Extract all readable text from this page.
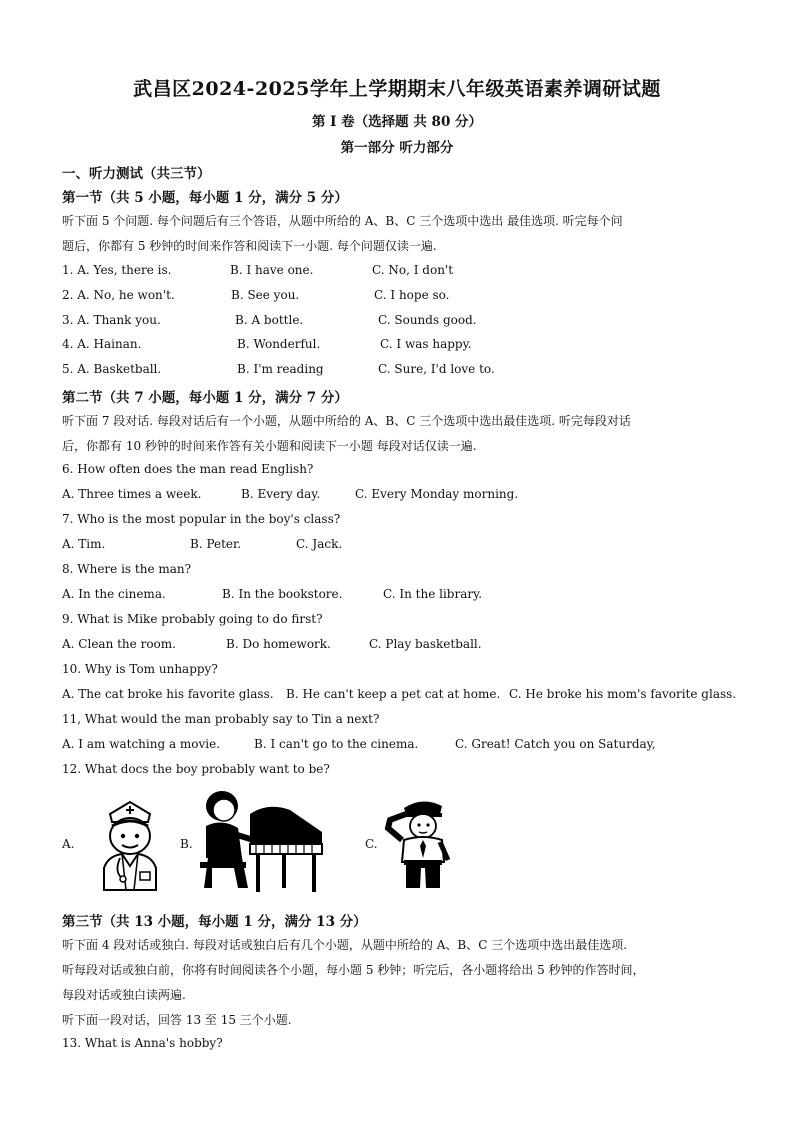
武昌区2024-2025学年上学期期末八年级英语素养调研试题
第 I 卷（选择题 共 80 分）
第一部分 听力部分
一、听力测试（共三节）
第一节（共 5 小题，每小题 1 分，满分 5 分）
听下面 5 个问题. 每个问题后有三个答语，从题中所给的 A、B、C 三个选项中选出 最佳选项. 听完每个问
题后，你都有 5 秒钟的时间来作答和阅读下一小题. 每个问题仅读一遍.
1. A. Yes, there is.	B. I have one.	C. No, I don't
2. A. No, he won't.	B. See you.	C. I hope so.
3. A. Thank you.	B. A bottle.	C. Sounds good.
4. A. Hainan.	B. Wonderful.	C. I was happy.
5. A. Basketball.	B. I'm reading	C. Sure, I'd love to.
第二节（共 7 小题，每小题 1 分，满分 7 分）
听下面 7 段对话. 每段对话后有一个小题，从题中所给的 A、B、C 三个选项中选出最佳选项. 听完每段对话
后，你都有 10 秒钟的时间来作答有关小题和阅读下一小题 每段对话仅读一遍.
6. How often does the man read English?
A. Three times a week.	B. Every day.	C. Every Monday morning.
7. Who is the most popular in the boy's class?
A. Tim.	B. Peter.	C. Jack.
8. Where is the man?
A. In the cinema.	B. In the bookstore.	C. In the library.
9. What is Mike probably going to do first?
A. Clean the room.	B. Do homework.	C. Play basketball.
10. Why is Tom unhappy?
A. The cat broke his favorite glass. B. He can't keep a pet cat at home. C. He broke his mom's favorite glass.
11, What would the man probably say to Tin a next?
A. I am watching a movie.	B. I can't go to the cinema.	C. Great! Catch you on Saturday,
12. What docs the boy probably want to be?
A.	B.	C.
第三节（共 13 小题，每小题 1 分，满分 13 分）
听下面 4 段对话或独白. 每段对话或独白后有几个小题，从题中所给的 A、B、C 三个选项中选出最佳选项.
听每段对话或独白前，你将有时间阅读各个小题，每小题 5 秒钟；听完后，各小题将给出 5 秒钟的作答时间，
每段对话或独白读两遍.
听下面一段对话，回答 13 至 15 三个小题.
13. What is Anna's hobby?
